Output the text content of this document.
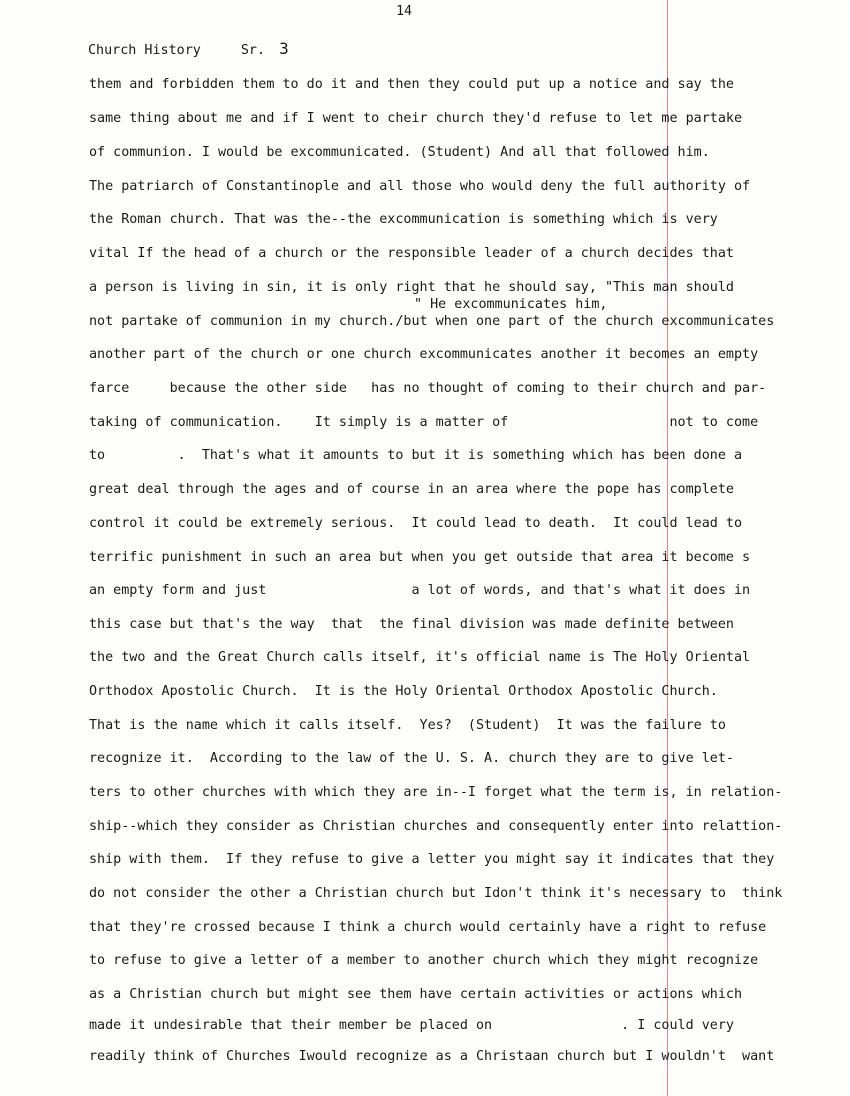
14
Church History	Sr. 3
" He excommunicates him,
them and forbidden them to do it and then they could put up a notice and say the
same thing about me and if I went to cheir church they'd refuse to let me partake
of communion. I would be excommunicated. (Student) And all that followed him.
The patriarch of Constantinople and all those who would deny the full authority of
the Roman church. That was the--the excommunication is something which is very
vital If the head of a church or the responsible leader of a church decides that
a person is living in sin, it is only right that he should say, "This man should
not partake of communion in my church./but when one part of the church excommunicates
another part of the church or one church excommunicates another it becomes an empty
farce     because the other side   has no thought of coming to their church and par-
taking of communication.    It simply is a matter of                    not to come
to         .  That's what it amounts to but it is something which has been done a
great deal through the ages and of course in an area where the pope has complete
control it could be extremely serious.  It could lead to death.  It could lead to
terrific punishment in such an area but when you get outside that area it become s
an empty form and just                  a lot of words, and that's what it does in
this case but that's the way  that  the final division was made definite between
the two and the Great Church calls itself, it's official name is The Holy Oriental
Orthodox Apostolic Church.  It is the Holy Oriental Orthodox Apostolic Church.
That is the name which it calls itself.  Yes?  (Student)  It was the failure to
recognize it.  According to the law of the U. S. A. church they are to give let-
ters to other churches with which they are in--I forget what the term is, in relation-
ship--which they consider as Christian churches and consequently enter into relattion-
ship with them.  If they refuse to give a letter you might say it indicates that they
do not consider the other a Christian church but Idon't think it's necessary to  think
that they're crossed because I think a church would certainly have a right to refuse
to refuse to give a letter of a member to another church which they might recognize
as a Christian church but might see them have certain activities or actions which
made it undesirable that their member be placed on                . I could very
readily think of Churches Iwould recognize as a Christaan church but I wouldn't  want
